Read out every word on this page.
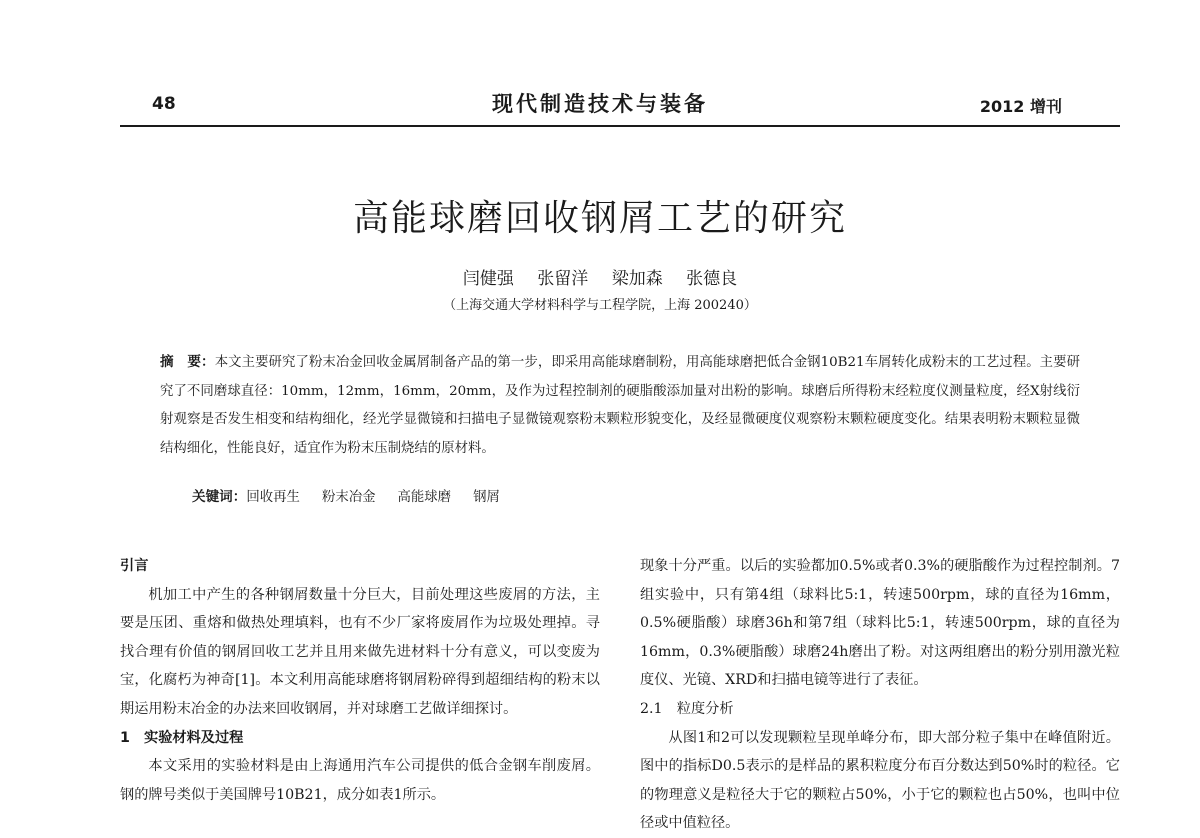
48	现代制造技术与装备	2012 增刊
高能球磨回收钢屑工艺的研究
闫健强 张留洋 梁加森 张德良
（上海交通大学材料科学与工程学院，上海 200240）
摘　要：本文主要研究了粉末冶金回收金属屑制备产品的第一步，即采用高能球磨制粉，用高能球磨把低合金钢10B21车屑转化成粉末的工艺过程。主要研究了不同磨球直径：10mm，12mm，16mm，20mm，及作为过程控制剂的硬脂酸添加量对出粉的影响。球磨后所得粉末经粒度仪测量粒度，经X射线衍射观察是否发生相变和结构细化，经光学显微镜和扫描电子显微镜观察粉末颗粒形貌变化，及经显微硬度仪观察粉末颗粒硬度变化。结果表明粉末颗粒显微结构细化，性能良好，适宜作为粉末压制烧结的原材料。
关键词：回收再生 粉末冶金 高能球磨 钢屑
引言
机加工中产生的各种钢屑数量十分巨大，目前处理这些废屑的方法，主要是压团、重熔和做热处理填料，也有不少厂家将废屑作为垃圾处理掉。寻找合理有价值的钢屑回收工艺并且用来做先进材料十分有意义，可以变废为宝，化腐朽为神奇[1]。本文利用高能球磨将钢屑粉碎得到超细结构的粉末以期运用粉末冶金的办法来回收钢屑，并对球磨工艺做详细探讨。
1　实验材料及过程
本文采用的实验材料是由上海通用汽车公司提供的低合金钢车削废屑。钢的牌号类似于美国牌号10B21，成分如表1所示。
现象十分严重。以后的实验都加0.5%或者0.3%的硬脂酸作为过程控制剂。7组实验中，只有第4组（球料比5:1，转速500rpm，球的直径为16mm，0.5%硬脂酸）球磨36h和第7组（球料比5:1，转速500rpm，球的直径为16mm，0.3%硬脂酸）球磨24h磨出了粉。对这两组磨出的粉分别用激光粒度仪、光镜、XRD和扫描电镜等进行了表征。
2.1　粒度分析
从图1和2可以发现颗粒呈现单峰分布，即大部分粒子集中在峰值附近。图中的指标D0.5表示的是样品的累积粒度分布百分数达到50%时的粒径。它的物理意义是粒径大于它的颗粒占50%，小于它的颗粒也占50%，也叫中位径或中值粒径。
